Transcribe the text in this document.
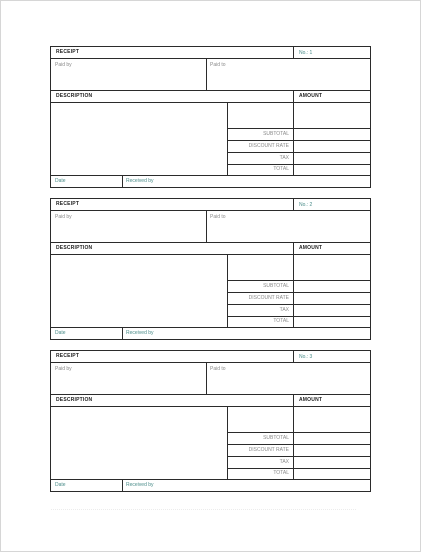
RECEIPT	No.: 1
Paid by	Paid to
DESCRIPTION	AMOUNT
SUBTOTAL
DISCOUNT RATE
TAX
TOTAL
Date	Received by
RECEIPT	No.: 2
Paid by	Paid to
DESCRIPTION	AMOUNT
SUBTOTAL
DISCOUNT RATE
TAX
TOTAL
Date	Received by
RECEIPT	No.: 3
Paid by	Paid to
DESCRIPTION	AMOUNT
SUBTOTAL
DISCOUNT RATE
TAX
TOTAL
Date	Received by
